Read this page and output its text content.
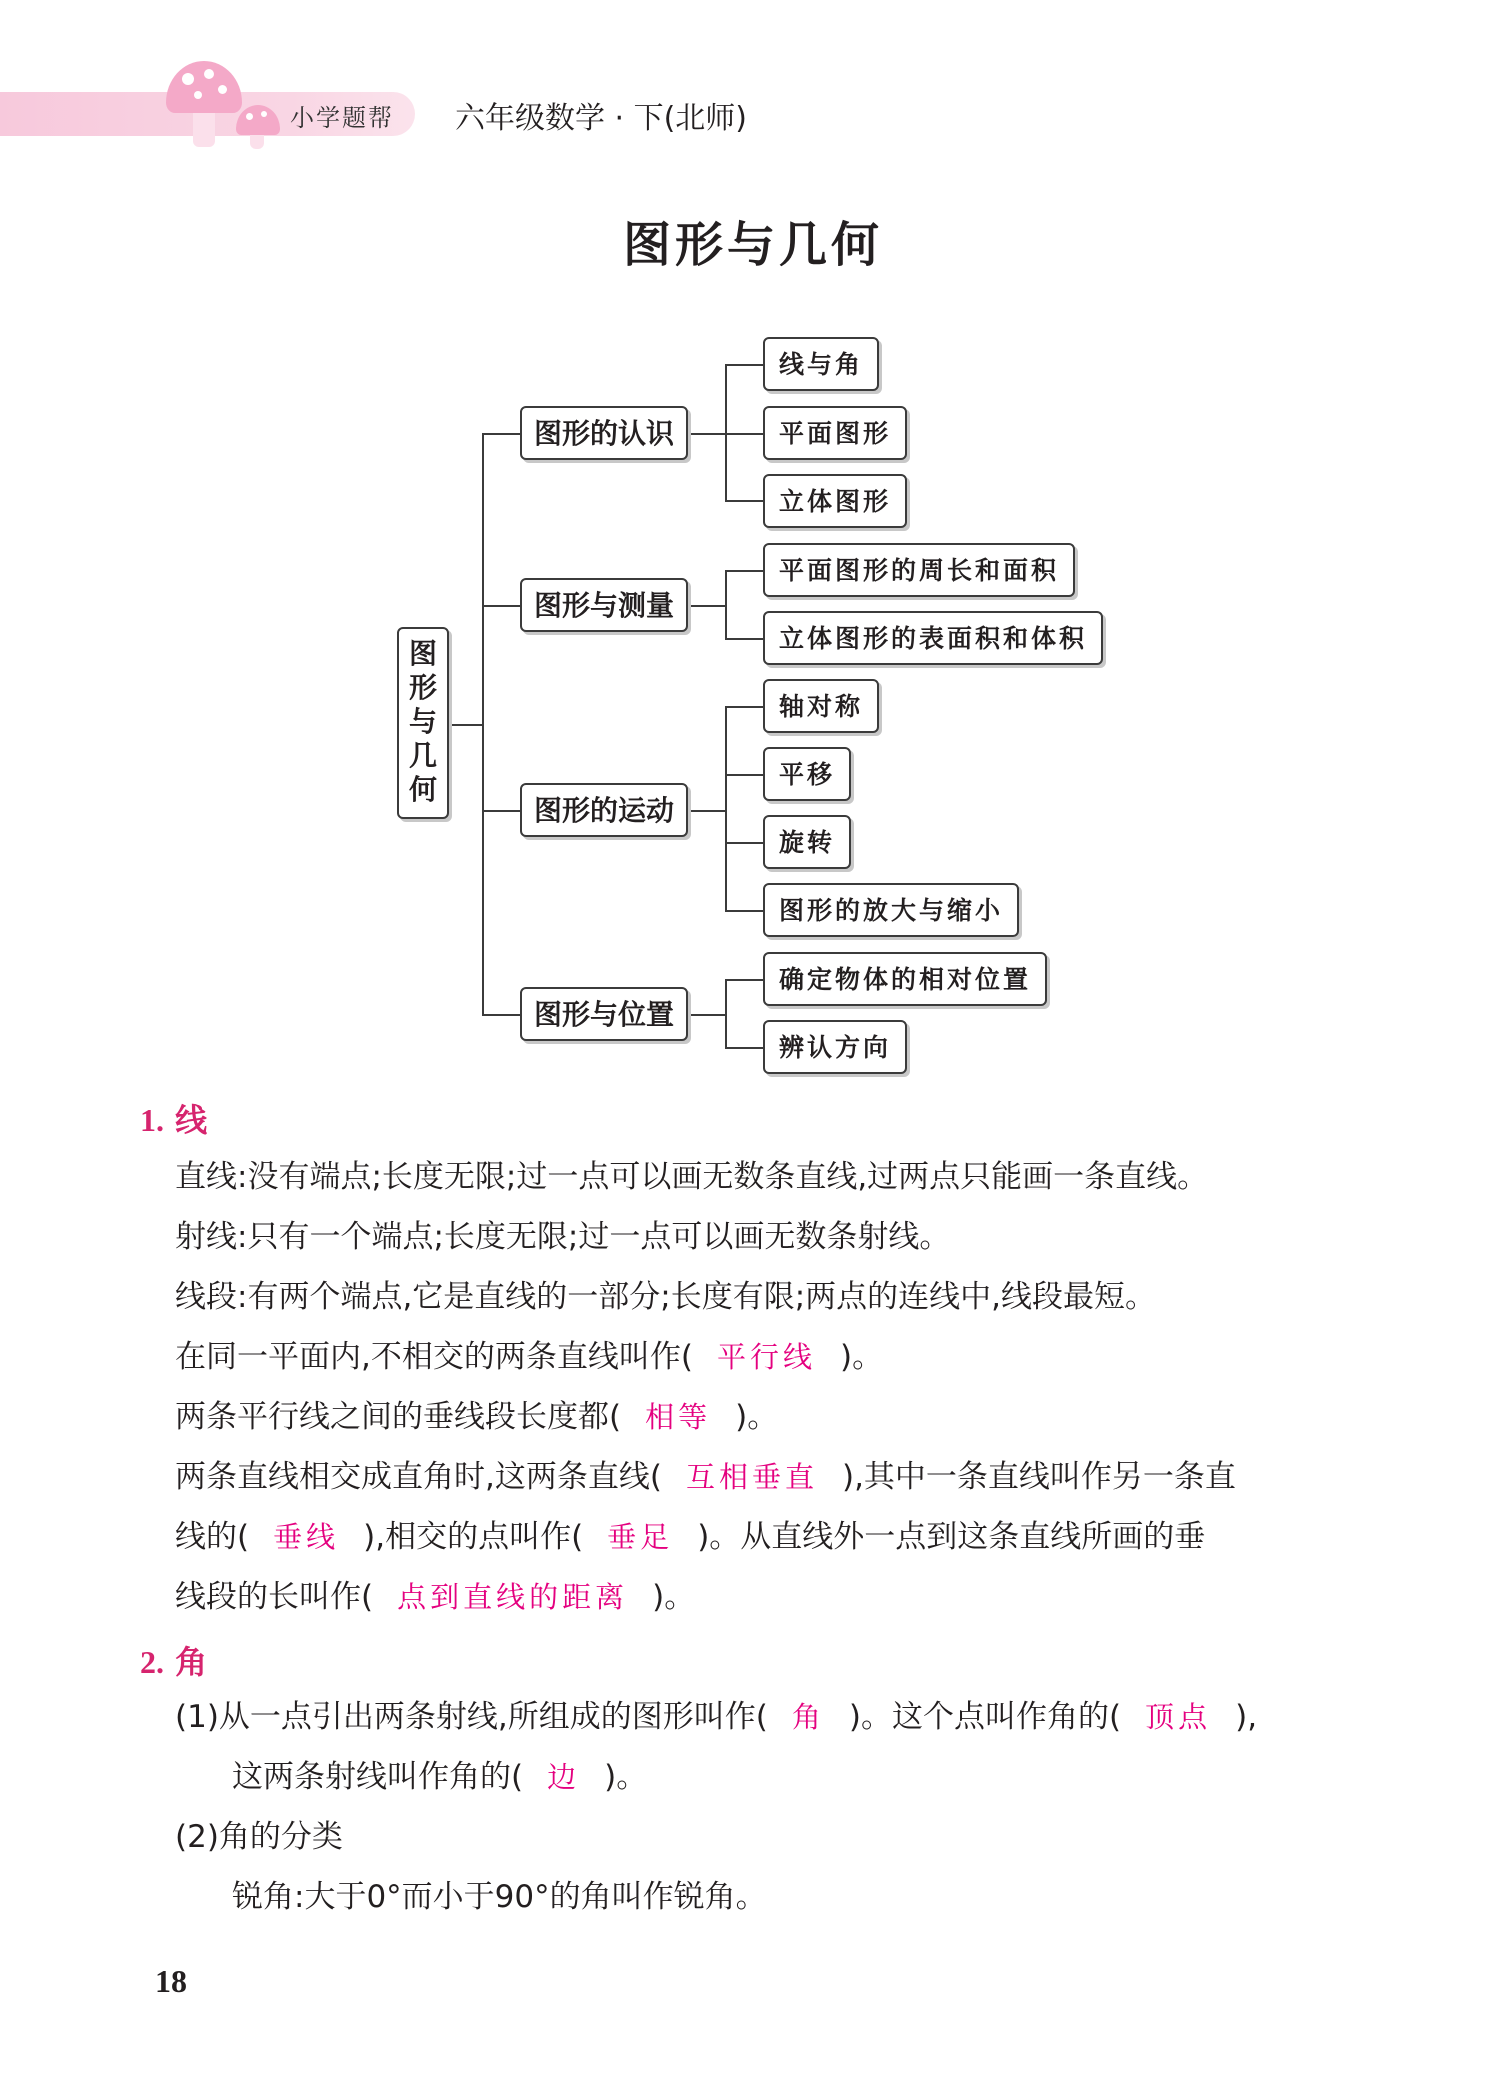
小学题帮 六年级数学 · 下(北师)
图形与几何
图
形
与
几
何
图形的认识
图形与测量
图形的运动
图形与位置
线与角
平面图形
立体图形
平面图形的周长和面积
立体图形的表面积和体积
轴对称
平移
旋转
图形的放大与缩小
确定物体的相对位置
辨认方向
1. 线
直线:没有端点;长度无限;过一点可以画无数条直线,过两点只能画一条直线。
射线:只有一个端点;长度无限;过一点可以画无数条射线。
线段:有两个端点,它是直线的一部分;长度有限;两点的连线中,线段最短。
在同一平面内,不相交的两条直线叫作( 平行线 )。
两条平行线之间的垂线段长度都( 相等 )。
两条直线相交成直角时,这两条直线( 互相垂直 ),其中一条直线叫作另一条直
线的( 垂线 ),相交的点叫作( 垂足 )。从直线外一点到这条直线所画的垂
线段的长叫作( 点到直线的距离 )。
2. 角
(1)从一点引出两条射线,所组成的图形叫作( 角 )。这个点叫作角的( 顶点 ),
这两条射线叫作角的( 边 )。
(2)角的分类
锐角:大于0°而小于90°的角叫作锐角。
18
